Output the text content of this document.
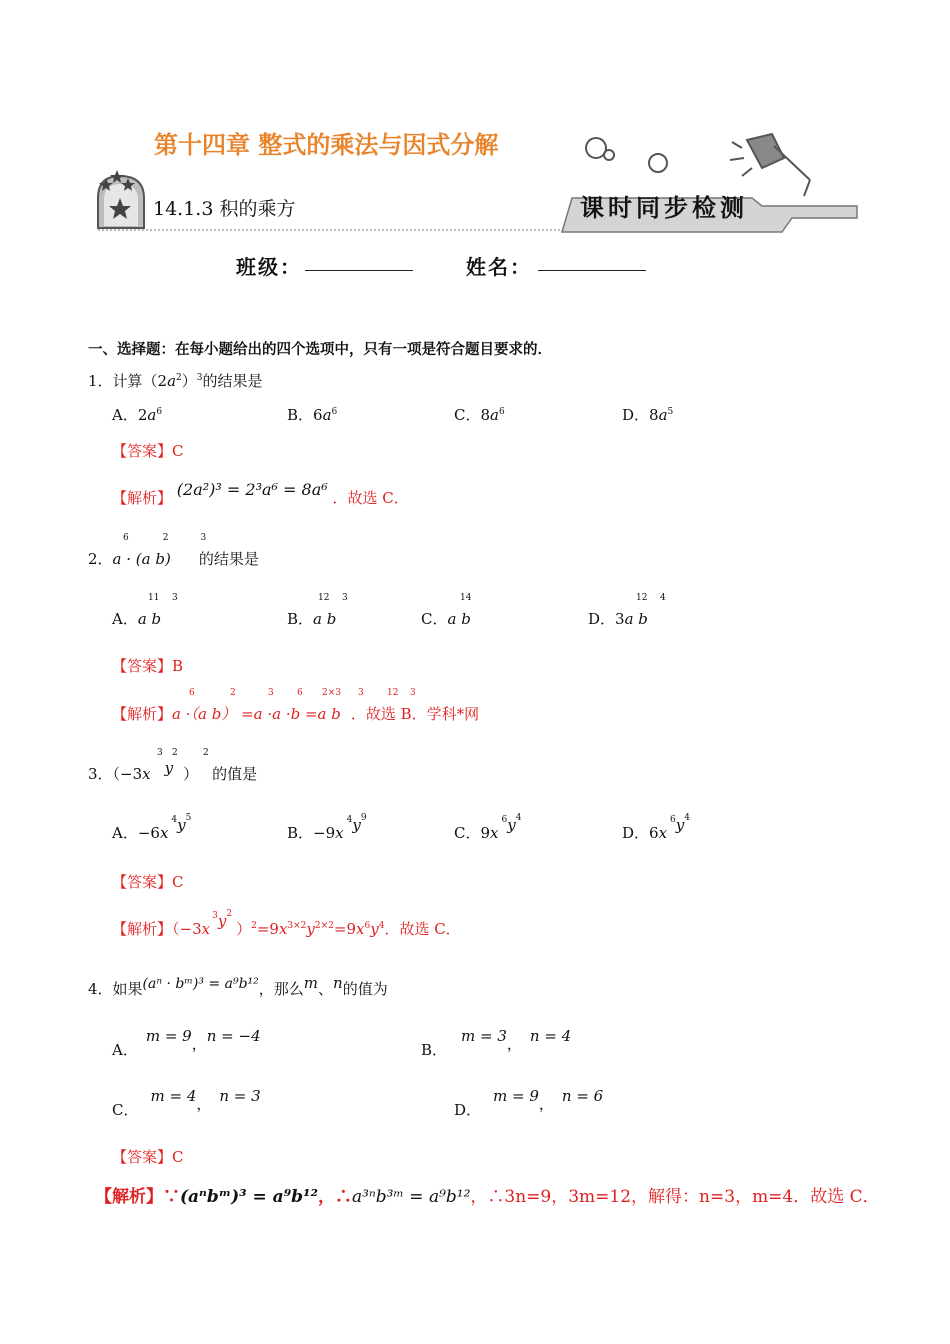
第十四章 整式的乘法与因式分解
14.1.3 积的乘方	课时同步检测
班级：	姓名：
一、选择题：在每小题给出的四个选项中，只有一项是符合题目要求的．
1．计算$(2a^2)^3$的结果是
A．$2a^6$	B．$6a^6$	C．$8a^6$	D．$8a^5$
【答案】C
【解析】 (2a²)³ = 2³a⁶ = 8a⁶ ．故选 C．
6	2	3
2．a · (a b) 的结果是
11 3	12 3	14	12 4
A．a b	B．a b	C．a b	D．3a b
【答案】B
6	2	3	6 2×3 3	12 3
【解析】a ·（a b） =a ·a ·b =a b ．故选 B．学科*网
3 2	2
3．（−3x y ） 的值是
A．$-6x^4y^5$
B．$-9x^4y^9$
C．$9x^6y^4$
D．$6x^6y^4$
【答案】C
【解析】$(-3x^3y^2)^2=9x^{3\times 2}y^{2\times 2}=9x^6y^4$．故选 C．
4．如果(aⁿ · bᵐ)³ = a⁹b¹²，那么m、n的值为
A．m = 9，n = −4
B．m = 3， n = 4
C．m = 4， n = 3
D．m = 9， n = 6
【答案】C
【解析】∵(aⁿbᵐ)³ = a⁹b¹²，∴a³ⁿb³ᵐ = a⁹b¹²，∴3n=9，3m=12，解得：n=3，m=4．故选 C．
